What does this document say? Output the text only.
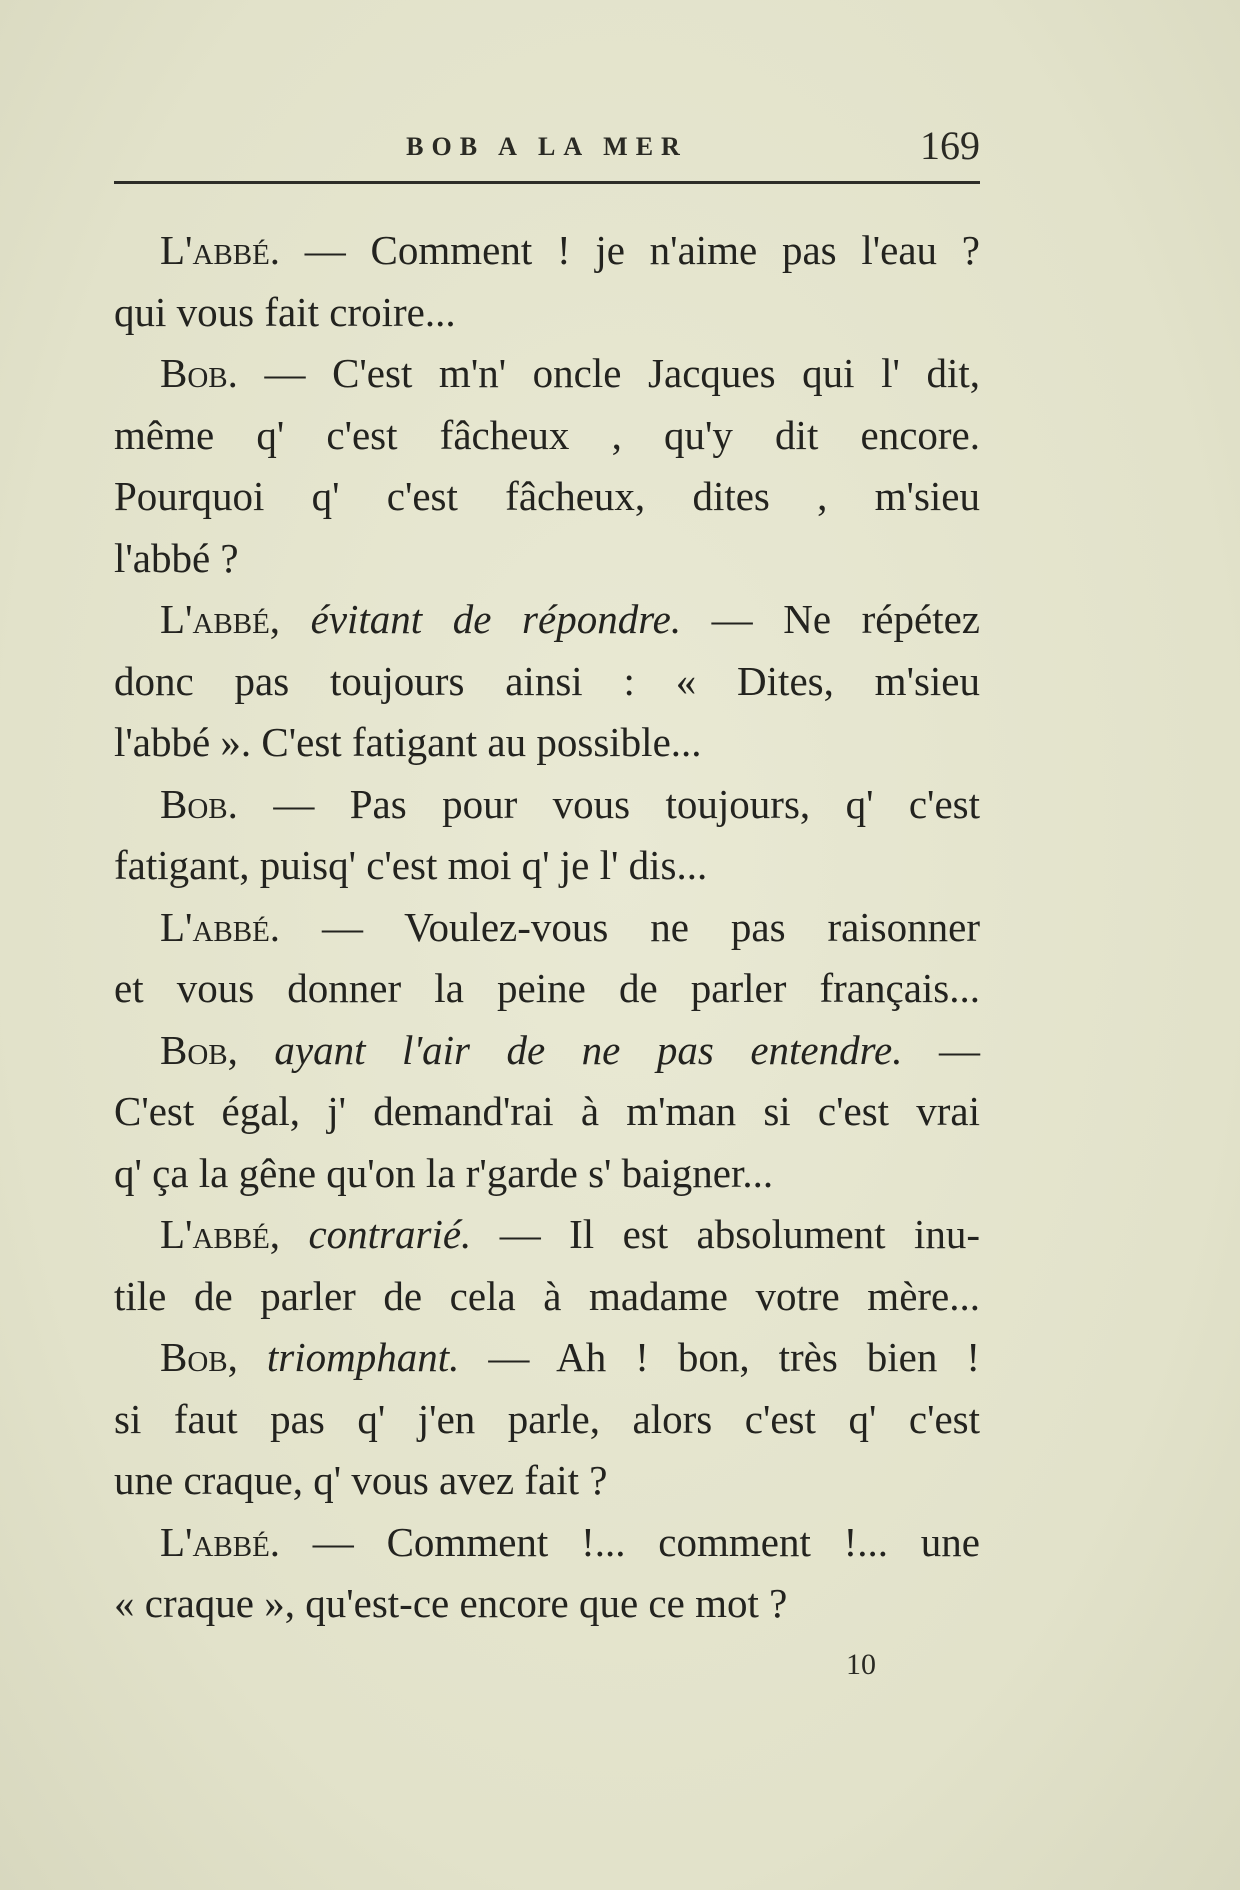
BOB A LA MER	169
L'abbé. — Comment ! je n'aime pas l'eau ?
qui vous fait croire...
Bob. — C'est m'n' oncle Jacques qui l' dit,
même q' c'est fâcheux , qu'y dit encore.
Pourquoi q' c'est fâcheux, dites , m'sieu
l'abbé ?
L'abbé, évitant de répondre. — Ne répétez
donc pas toujours ainsi : « Dites, m'sieu
l'abbé ». C'est fatigant au possible...
Bob. — Pas pour vous toujours, q' c'est
fatigant, puisq' c'est moi q' je l' dis...
L'abbé. — Voulez-vous ne pas raisonner
et vous donner la peine de parler français...
Bob, ayant l'air de ne pas entendre. —
C'est égal, j' demand'rai à m'man si c'est vrai
q' ça la gêne qu'on la r'garde s' baigner...
L'abbé, contrarié. — Il est absolument inu-
tile de parler de cela à madame votre mère...
Bob, triomphant. — Ah ! bon, très bien !
si faut pas q' j'en parle, alors c'est q' c'est
une craque, q' vous avez fait ?
L'abbé. — Comment !... comment !... une
« craque », qu'est-ce encore que ce mot ?
10
